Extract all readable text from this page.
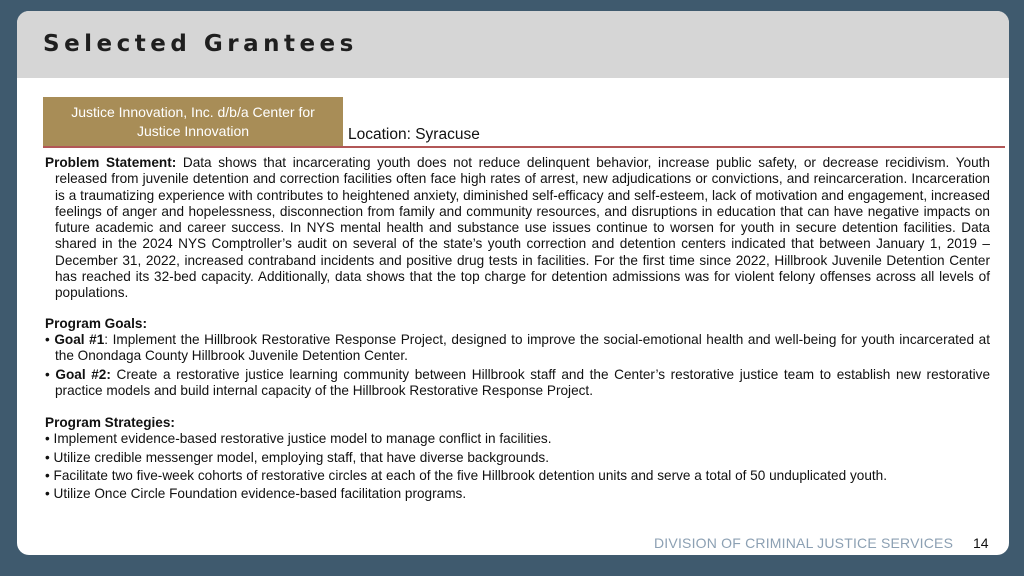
Selected Grantees
Justice Innovation, Inc. d/b/a Center for Justice Innovation	Location: Syracuse

Problem Statement: Data shows that incarcerating youth does not reduce delinquent behavior, increase public safety, or decrease recidivism. Youth released from juvenile detention and correction facilities often face high rates of arrest, new adjudications or convictions, and reincarceration. Incarceration is a traumatizing experience with contributes to heightened anxiety, diminished self-efficacy and self-esteem, lack of motivation and engagement, increased feelings of anger and hopelessness, disconnection from family and community resources, and disruptions in education that can have negative impacts on future academic and career success. In NYS mental health and substance use issues continue to worsen for youth in secure detention facilities. Data shared in the 2024 NYS Comptroller’s audit on several of the state’s youth correction and detention centers indicated that between January 1, 2019 – December 31, 2022, increased contraband incidents and positive drug tests in facilities. For the first time since 2022, Hillbrook Juvenile Detention Center has reached its 32-bed capacity. Additionally, data shows that the top charge for detention admissions was for violent felony offenses across all levels of populations.

Program Goals:

• Goal #1: Implement the Hillbrook Restorative Response Project, designed to improve the social-emotional health and well-being for youth incarcerated at the Onondaga County Hillbrook Juvenile Detention Center.

• Goal #2: Create a restorative justice learning community between Hillbrook staff and the Center’s restorative justice team to establish new restorative practice models and build internal capacity of the Hillbrook Restorative Response Project.

Program Strategies:

• Implement evidence-based restorative justice model to manage conflict in facilities.

• Utilize credible messenger model, employing staff, that have diverse backgrounds.

• Facilitate two five-week cohorts of restorative circles at each of the five Hillbrook detention units and serve a total of 50 unduplicated youth.

• Utilize Once Circle Foundation evidence-based facilitation programs.

DIVISION OF CRIMINAL JUSTICE SERVICES 14
